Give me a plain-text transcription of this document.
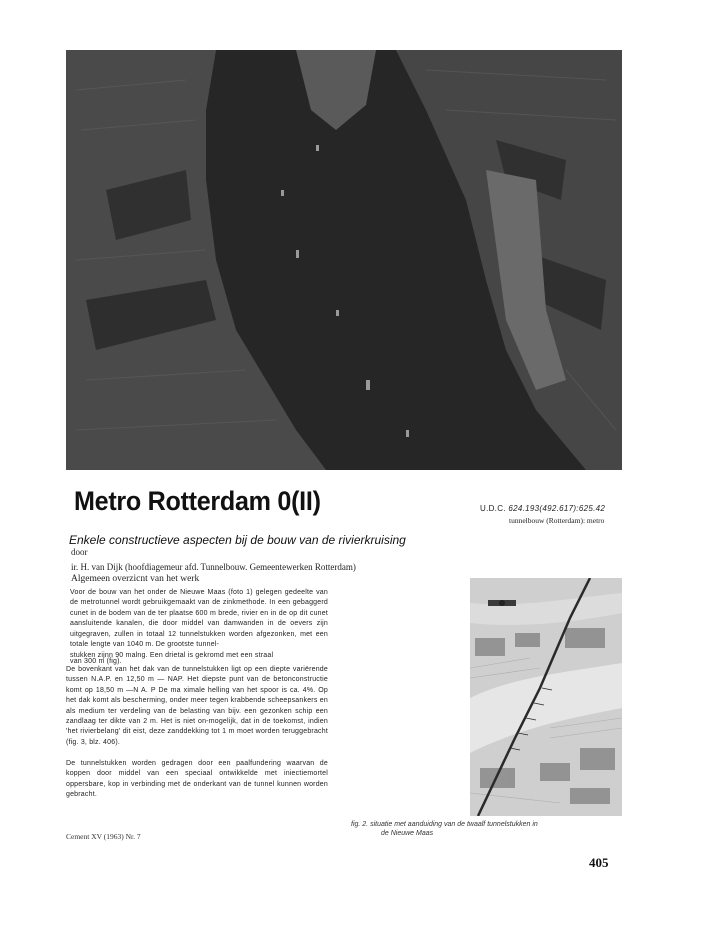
Metro Rotterdam 0(II)	U.D.C. 624.193(492.617):625.42
tunnelbouw (Rotterdam): metro
Enkele constructieve aspecten bij de bouw van de rivierkruising
door
ir. H. van Dijk (hoofdiagemeur afd. Tunnelbouw. Gemeentewerken Rotterdam)
Algemeen overzicnt van het werk

Voor de bouw van het onder de Nieuwe Maas (foto 1) gelegen gedeelte van de metrotunnel wordt gebruikgemaakt van de zinkmethode. In een gebaggerd cunet in de bodem van de ter plaatse 600 m brede, rivier en in de op dit cunet aansluitende kanalen, die door middel van damwanden in de oevers zijn uitgegraven, zullen in totaal 12 tunnelstukken worden afgezonken, met een totale lengte van 1040 m. De grootste tunnel-

stukken zijnn 90 malng. Een drietal is gekromd met een straal

van 300 m (fig).

De bovenkant van het dak van de tunnelstukken ligt op een diepte variërende tussen N.A.P. en 12,50 m — NAP. Het diepste punt van de betonconstructie komt op 18,50 m —N A. P De ma ximale helling van het spoor is ca. 4%. Op het dak komt als bescherming, onder meer tegen krabbende scheepsankers en als medium ter verdeling van de belasting van bijv. een gezonken schip een zandlaag ter dikte van 2 m. Het is niet on-mogelijk, dat in de toekomst, indien 'het rivierbelang' dit eist, deze zanddekking tot 1 m moet worden teruggebracht (fig. 3, blz. 406).

De tunnelstukken worden gedragen door een paalfundering waarvan de koppen door middel van een speciaal ontwikkelde met iniectiemortel oppersbare, kop in verbinding met de onderkant van de tunnel kunnen worden gebracht.

fig. 2. situatie met aanduiding van de twaalf tunnelstukken in
de Nieuwe Maas
Cement XV (1963) Nr. 7
405
